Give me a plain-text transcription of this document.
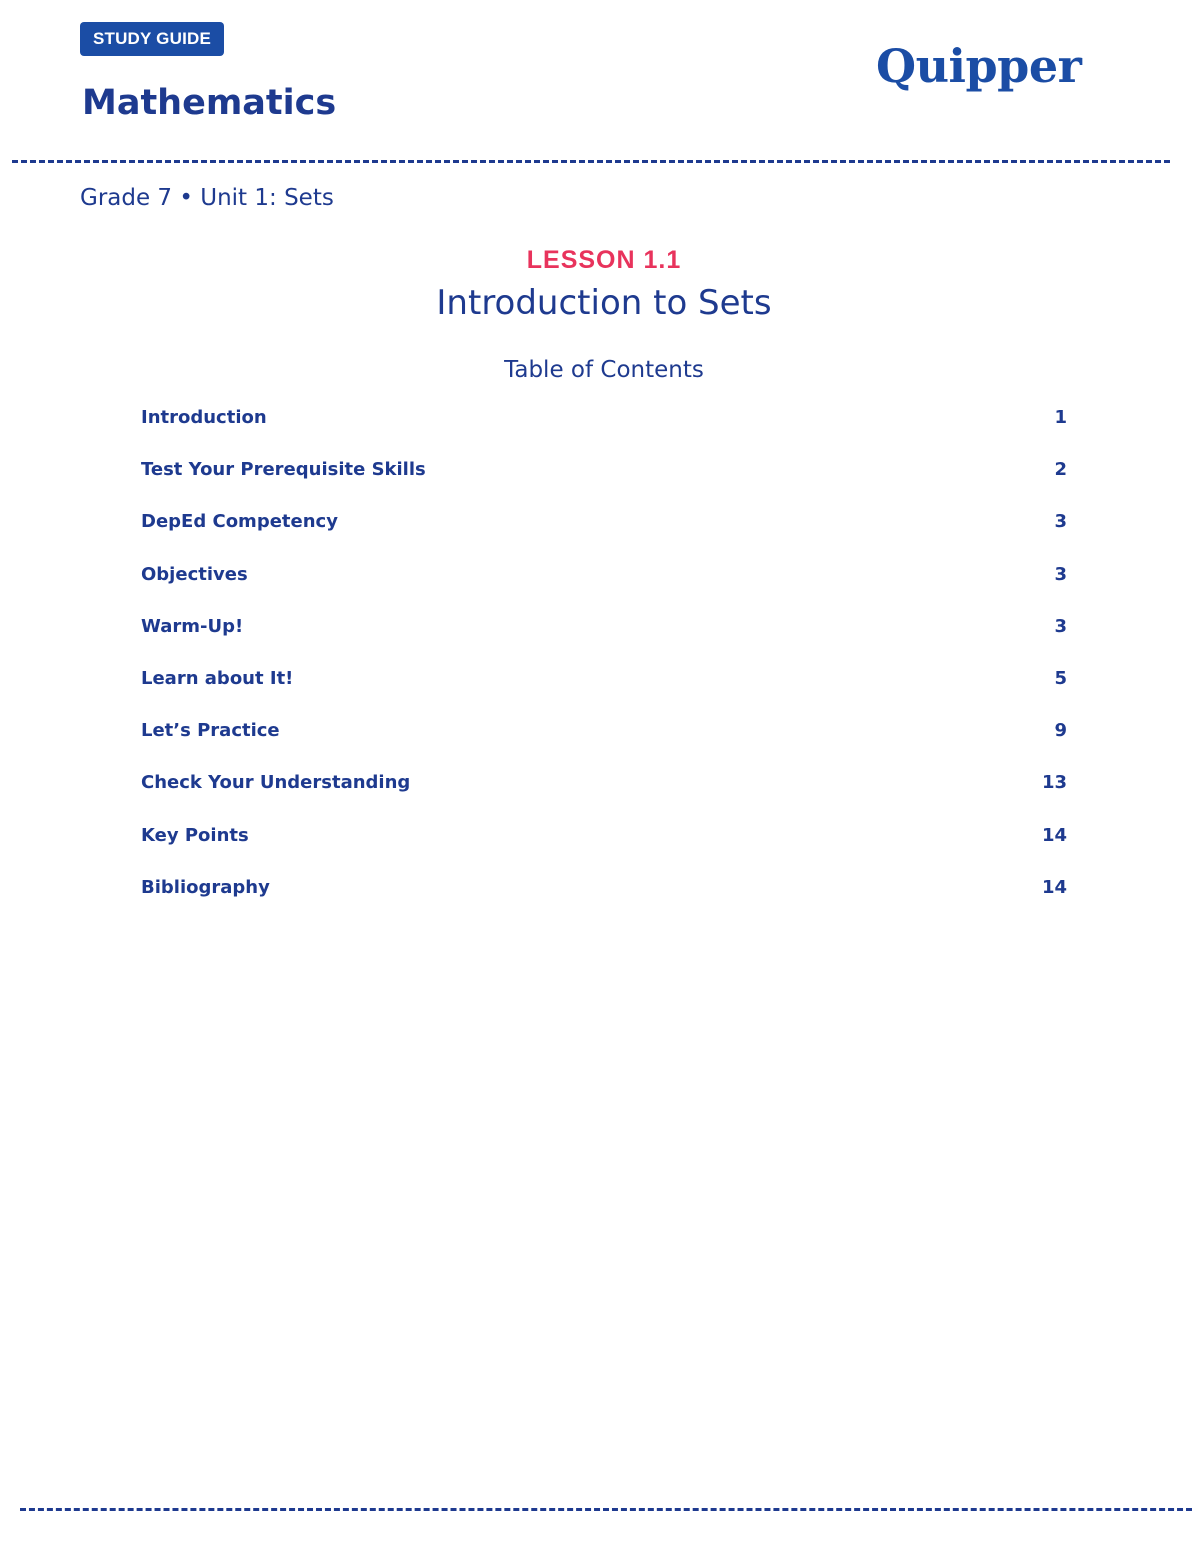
STUDY GUIDE
Mathematics
Quipper
Grade 7 • Unit 1: Sets
LESSON 1.1
Introduction to Sets
Table of Contents
Introduction	1
Test Your Prerequisite Skills	2
DepEd Competency	3
Objectives	3
Warm-Up!	3
Learn about It!	5
Let’s Practice	9
Check Your Understanding	13
Key Points	14
Bibliography	14
